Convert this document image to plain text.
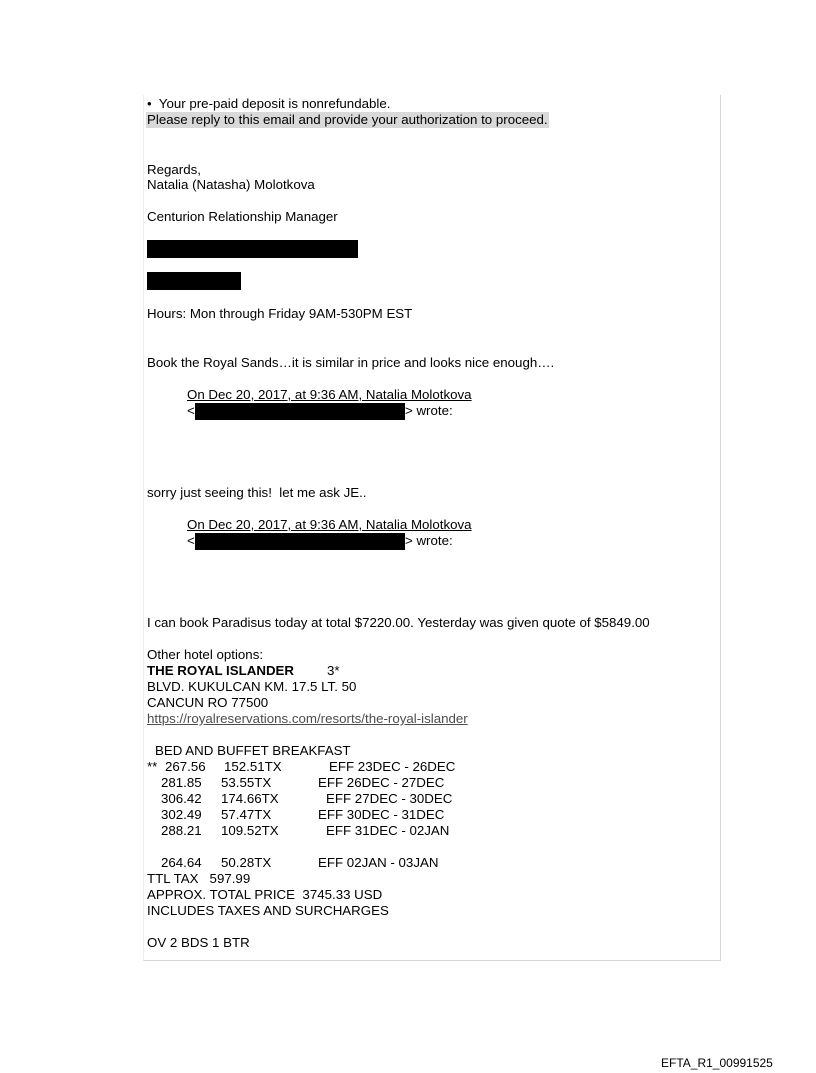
•  Your pre-paid deposit is nonrefundable.
Please reply to this email and provide your authorization to proceed.
Regards,
Natalia (Natasha) Molotkova
Centurion Relationship Manager
Hours: Mon through Friday 9AM-530PM EST
Book the Royal Sands…it is similar in price and looks nice enough….
On Dec 20, 2017, at 9:36 AM, Natalia Molotkova
<	> wrote:
sorry just seeing this!  let me ask JE..
On Dec 20, 2017, at 9:36 AM, Natalia Molotkova
<	> wrote:
I can book Paradisus today at total $7220.00. Yesterday was given quote of $5849.00
Other hotel options:
THE ROYAL ISLANDER 3*
BLVD. KUKULCAN KM. 17.5 LT. 50
CANCUN RO 77500
https://royalreservations.com/resorts/the-royal-islander
BED AND BUFFET BREAKFAST
** 267.56 152.51TX	EFF 23DEC - 26DEC
281.85 53.55TX	EFF 26DEC - 27DEC
306.42 174.66TX	EFF 27DEC - 30DEC
302.49 57.47TX	EFF 30DEC - 31DEC
288.21 109.52TX	EFF 31DEC - 02JAN
264.64 50.28TX	EFF 02JAN - 03JAN
TTL TAX   597.99
APPROX. TOTAL PRICE  3745.33 USD
INCLUDES TAXES AND SURCHARGES
OV 2 BDS 1 BTR
EFTA_R1_00991525
